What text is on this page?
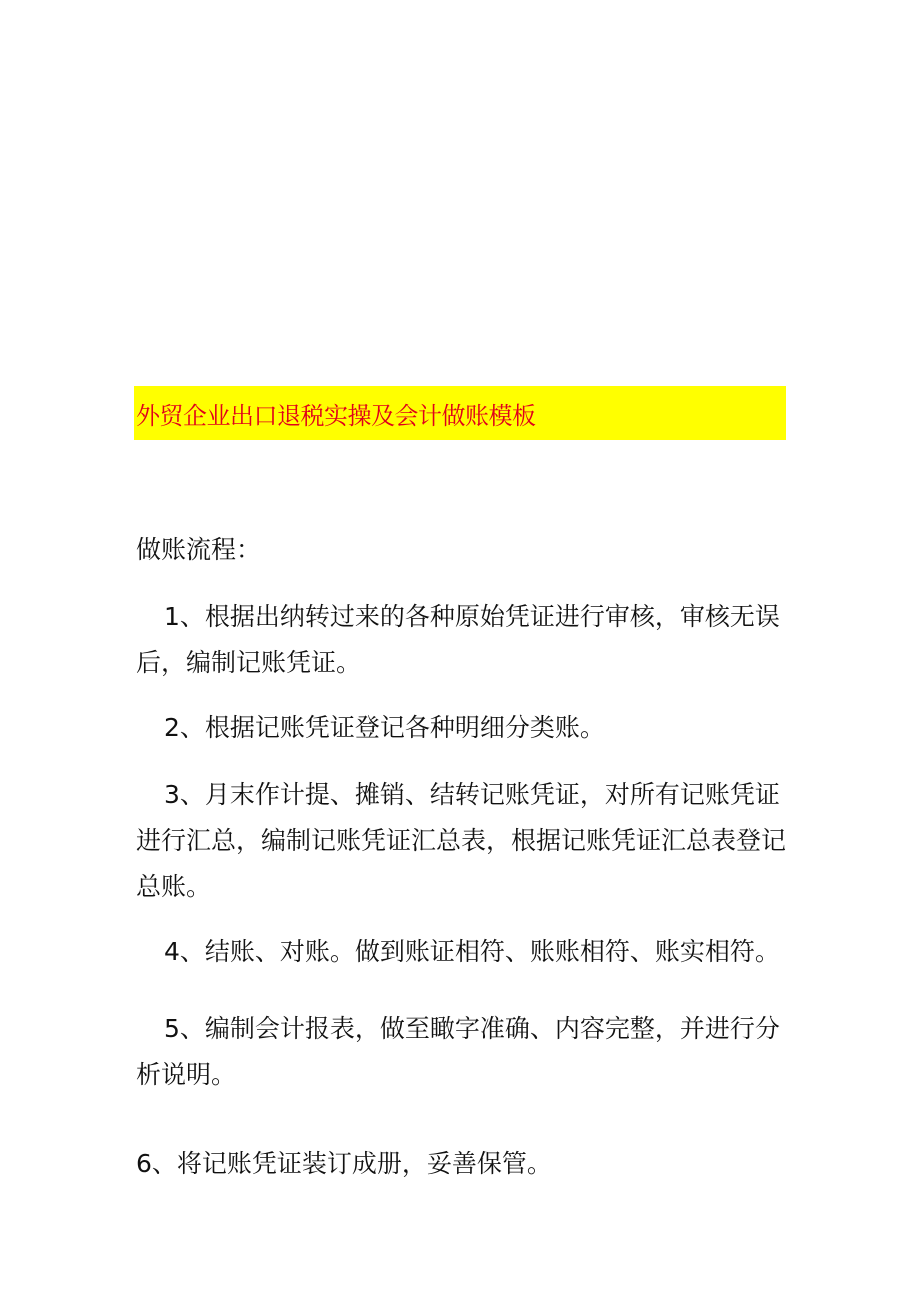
外贸企业出口退税实操及会计做账模板
做账流程：

1、根据出纳转过来的各种原始凭证进行审核，审核无误后，编制记账凭证。

2、根据记账凭证登记各种明细分类账。

3、月末作计提、摊销、结转记账凭证，对所有记账凭证进行汇总，编制记账凭证汇总表，根据记账凭证汇总表登记总账。

4、结账、对账。做到账证相符、账账相符、账实相符。

5、编制会计报表，做至瞰字准确、内容完整，并进行分析说明。

6、将记账凭证装订成册，妥善保管。
